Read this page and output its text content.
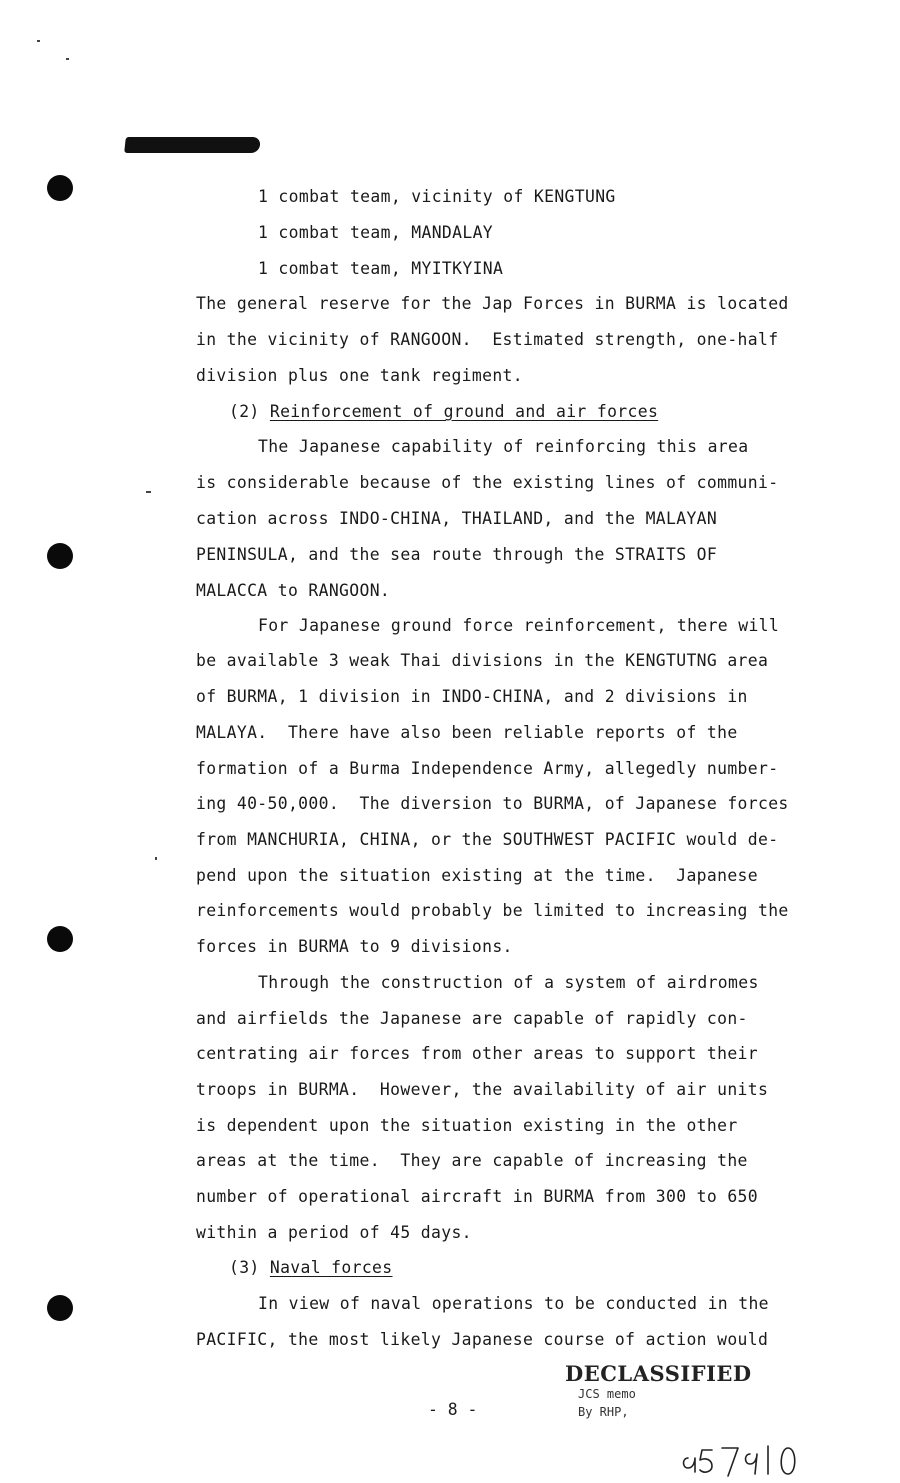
1 combat team, vicinity of KENGTUNG
1 combat team, MANDALAY
1 combat team, MYITKYINA
The general reserve for the Jap Forces in BURMA is located
in the vicinity of RANGOON.  Estimated strength, one-half
division plus one tank regiment.
(2) Reinforcement of ground and air forces
The Japanese capability of reinforcing this area
is considerable because of the existing lines of communi-
cation across INDO-CHINA, THAILAND, and the MALAYAN
PENINSULA, and the sea route through the STRAITS OF
MALACCA to RANGOON.
For Japanese ground force reinforcement, there will
be available 3 weak Thai divisions in the KENGTUTNG area
of BURMA, 1 division in INDO-CHINA, and 2 divisions in
MALAYA.  There have also been reliable reports of the
formation of a Burma Independence Army, allegedly number-
ing 40-50,000.  The diversion to BURMA, of Japanese forces
from MANCHURIA, CHINA, or the SOUTHWEST PACIFIC would de-
pend upon the situation existing at the time.  Japanese
reinforcements would probably be limited to increasing the
forces in BURMA to 9 divisions.
Through the construction of a system of airdromes
and airfields the Japanese are capable of rapidly con-
centrating air forces from other areas to support their
troops in BURMA.  However, the availability of air units
is dependent upon the situation existing in the other
areas at the time.  They are capable of increasing the
number of operational aircraft in BURMA from 300 to 650
within a period of 45 days.
(3) Naval forces
In view of naval operations to be conducted in the
PACIFIC, the most likely Japanese course of action would
- 8 -
DECLASSIFIED
JCS memo
By RHP,
